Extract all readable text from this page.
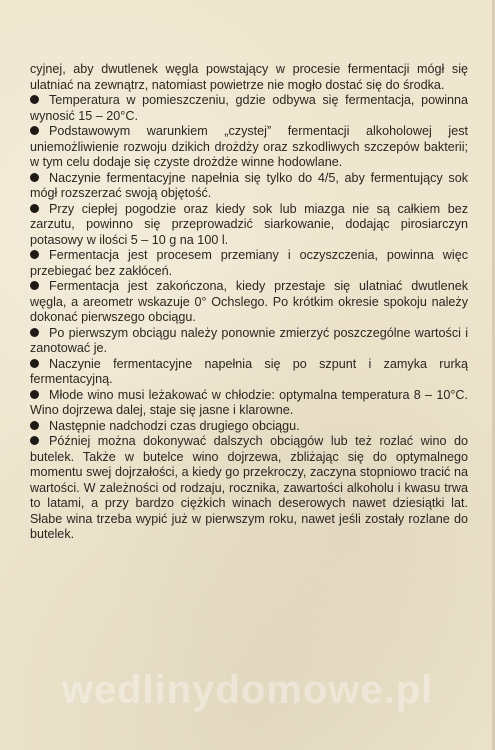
cyjnej, aby dwutlenek węgla powstający w procesie fermentacji mógł się ulatniać na zewnątrz, natomiast powietrze nie mogło dostać się do środka.

Temperatura w pomieszczeniu, gdzie odbywa się fermentacja, powinna wynosić 15 – 20°C.

Podstawowym warunkiem „czystej” fermentacji alkoholowej jest uniemożliwienie rozwoju dzikich drożdży oraz szkodliwych szczepów bakterii; w tym celu dodaje się czyste drożdże winne hodowlane.

Naczynie fermentacyjne napełnia się tylko do 4/5, aby fermentujący sok mógł rozszerzać swoją objętość.

Przy ciepłej pogodzie oraz kiedy sok lub miazga nie są całkiem bez zarzutu, powinno się przeprowadzić siarkowanie, dodając pirosiarczyn potasowy w ilości 5 – 10 g na 100 l.

Fermentacja jest procesem przemiany i oczyszczenia, powinna więc przebiegać bez zakłóceń.

Fermentacja jest zakończona, kiedy przestaje się ulatniać dwutlenek węgla, a areometr wskazuje 0° Ochslego. Po krótkim okresie spokoju należy dokonać pierwszego obciągu.

Po pierwszym obciągu należy ponownie zmierzyć poszczególne wartości i zanotować je.

Naczynie fermentacyjne napełnia się po szpunt i zamyka rurką fermentacyjną.

Młode wino musi leżakować w chłodzie: optymalna temperatura 8 – 10°C. Wino dojrzewa dalej, staje się jasne i klarowne.

Następnie nadchodzi czas drugiego obciągu.

Później można dokonywać dalszych obciągów lub też rozlać wino do butelek. Także w butelce wino dojrzewa, zbliżając się do optymalnego momentu swej dojrzałości, a kiedy go przekroczy, zaczyna stopniowo tracić na wartości. W zależności od rodzaju, rocznika, zawartości alkoholu i kwasu trwa to latami, a przy bardzo ciężkich winach deserowych nawet dziesiątki lat. Słabe wina trzeba wypić już w pierwszym roku, nawet jeśli zostały rozlane do butelek.

wedlinydomowe.pl
